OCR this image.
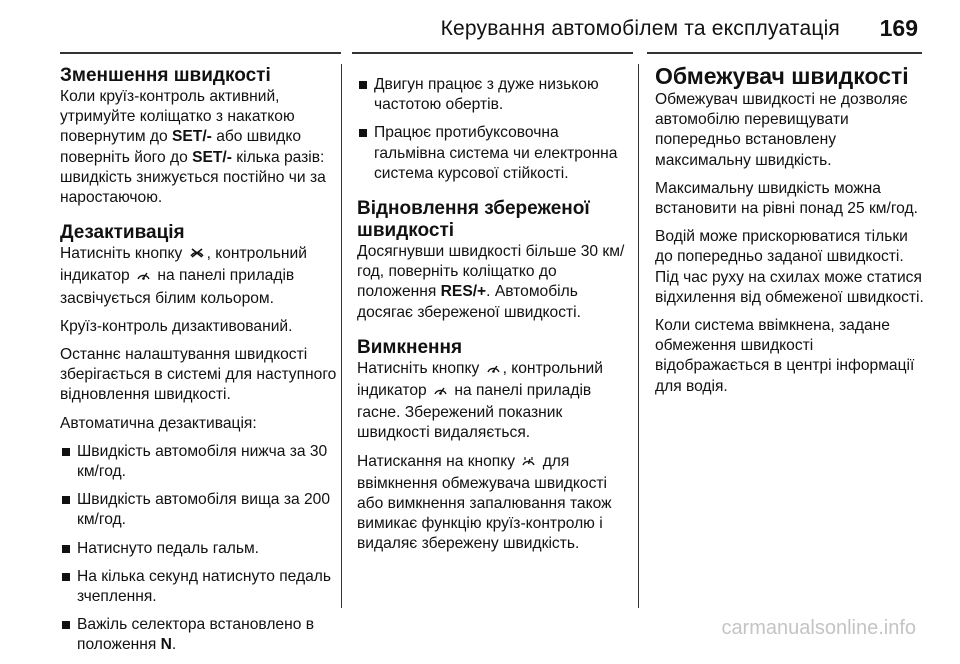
Керування автомобілем та експлуатація 169
Зменшення швидкості

Коли круїз-контроль активний, утримуйте коліщатко з накаткою повернутим до SET/- або швидко поверніть його до SET/- кілька разів: швидкість знижується постійно чи за наростаючою.

Дезактивація

Натисніть кнопку , контрольний індикатор  на панелі приладів засвічується білим кольором.

Круїз-контроль дизактивований.

Останнє налаштування швидкості зберігається в системі для наступного відновлення швидкості.

Автоматична дезактивація:

Швидкість автомобіля нижча за 30 км/год.
Швидкість автомобіля вища за 200 км/год.
Натиснуто педаль гальм.
На кілька секунд натиснуто педаль зчеплення.
Важіль селектора встановлено в положення N.
Двигун працює з дуже низькою частотою обертів.
Працює протибуксовочна гальмівна система чи електронна система курсової стійкості.
Відновлення збереженої швидкості

Досягнувши швидкості більше 30 км/год, поверніть коліщатко до положення RES/+. Автомобіль досягає збереженої швидкості.

Вимкнення

Натисніть кнопку , контрольний індикатор  на панелі приладів гасне. Збережений показник швидкості видаляється.

Натискання на кнопку  для ввімкнення обмежувача швидкості або вимкнення запалювання також вимикає функцію круїз-контролю і видаляє збережену швидкість.

Обмежувач швидкості

Обмежувач швидкості не дозволяє автомобілю перевищувати попередньо встановлену максимальну швидкість.

Максимальну швидкість можна встановити на рівні понад 25 км/год.

Водій може прискорюватися тільки до попередньо заданої швидкості. Під час руху на схилах може статися відхилення від обмеженої швидкості.

Коли система ввімкнена, задане обмеження швидкості відображається в центрі інформації для водія.

carmanualsonline.info
